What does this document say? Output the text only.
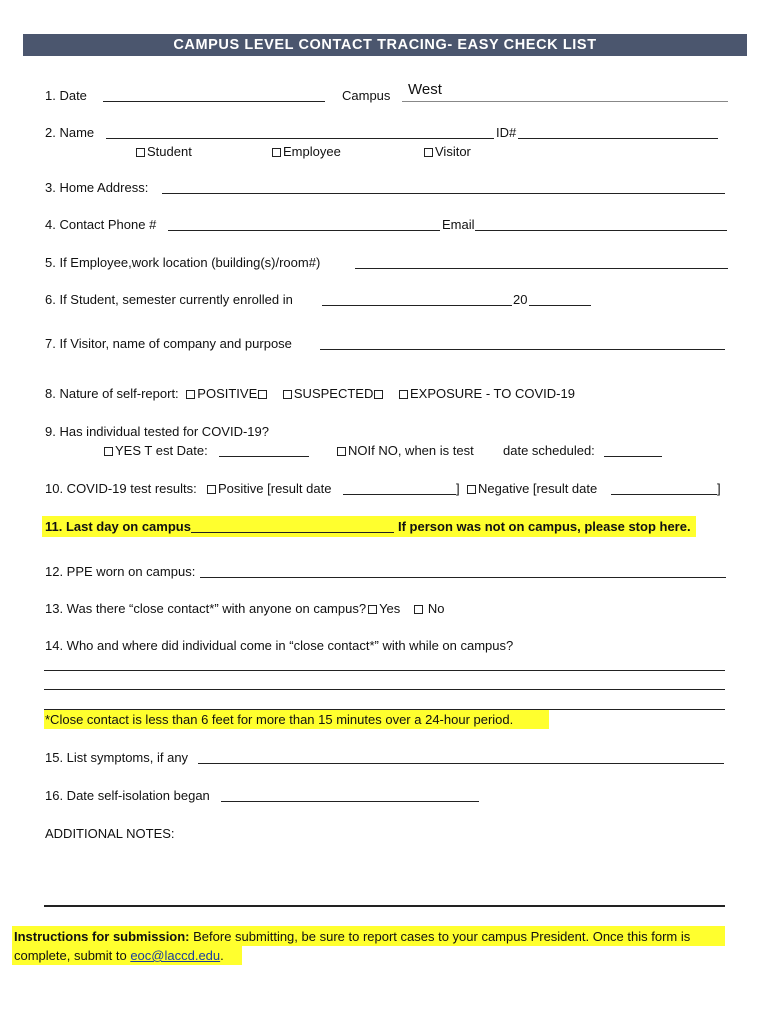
CAMPUS LEVEL CONTACT TRACING- EASY CHECK LIST
1. Date	Campus West
2. Name	ID#
Student	Employee	Visitor
3. Home Address:
4. Contact Phone #	Email
5. If Employee,work location (building(s)/room#)
6. If Student, semester currently enrolled in	20
7. If Visitor, name of company and purpose
8. Nature of self-report: POSITIVE	SUSPECTED	EXPOSURE - TO COVID-19
9. Has individual tested for COVID-19?
YES T est Date:	NOIf NO, when is test date scheduled:
10. COVID-19 test results:	Positive [result date	]	Negative [result date	]
11. Last day on campus	If person was not on campus, please stop here.
12. PPE worn on campus:
13. Was there “close contact*” with anyone on campus? Yes No
14. Who and where did individual come in “close contact*” with while on campus?
*Close contact is less than 6 feet for more than 15 minutes over a 24-hour period.
15. List symptoms, if any
16. Date self-isolation began
ADDITIONAL NOTES:
Instructions for submission: Before submitting, be sure to report cases to your campus President. Once this form is
complete, submit to eoc@laccd.edu.
